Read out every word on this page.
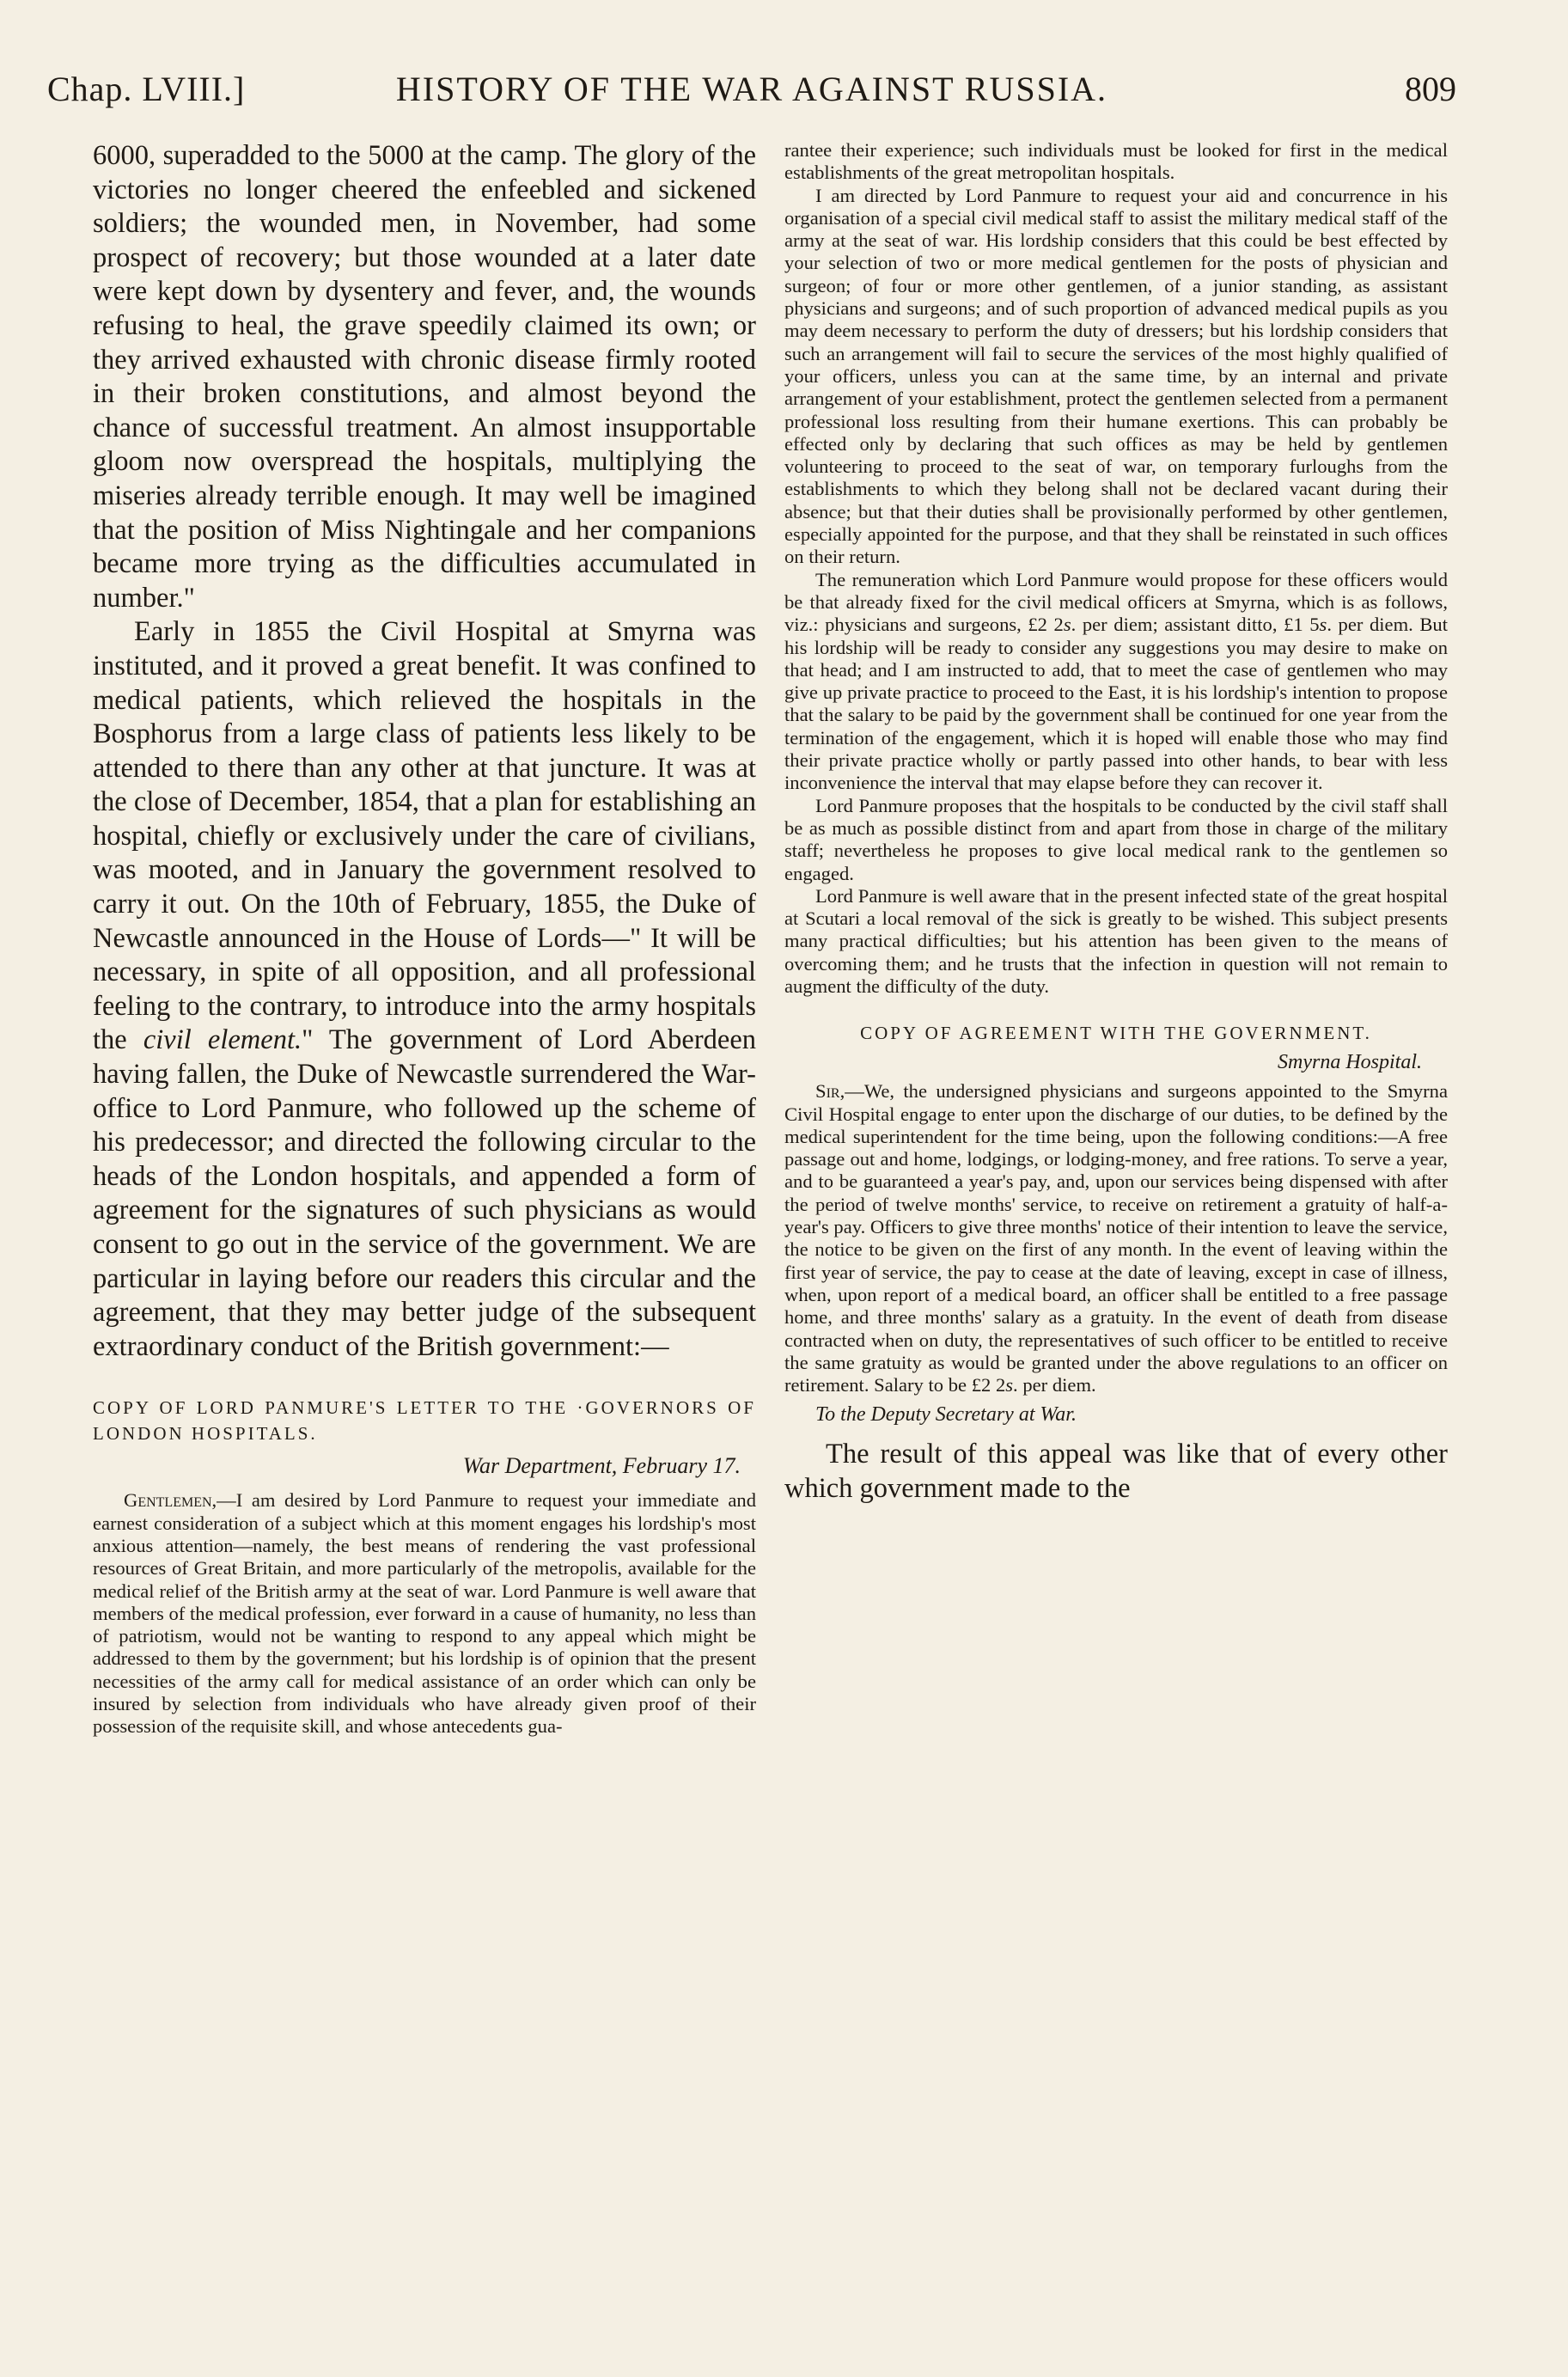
Chap. LVIII.]	HISTORY OF THE WAR AGAINST RUSSIA.	809

6000, superadded to the 5000 at the camp. The glory of the victories no longer cheered the enfeebled and sickened soldiers; the wounded men, in November, had some prospect of recovery; but those wounded at a later date were kept down by dysentery and fever, and, the wounds refusing to heal, the grave speedily claimed its own; or they arrived exhausted with chronic disease firmly rooted in their broken constitutions, and almost beyond the chance of successful treatment. An almost insupportable gloom now overspread the hospitals, multiplying the miseries already terrible enough. It may well be imagined that the position of Miss Nightingale and her companions became more trying as the difficulties accumulated in number."

Early in 1855 the Civil Hospital at Smyrna was instituted, and it proved a great benefit. It was confined to medical patients, which relieved the hospitals in the Bosphorus from a large class of patients less likely to be attended to there than any other at that juncture. It was at the close of December, 1854, that a plan for establishing an hospital, chiefly or exclusively under the care of civilians, was mooted, and in January the government resolved to carry it out. On the 10th of February, 1855, the Duke of Newcastle announced in the House of Lords—" It will be necessary, in spite of all opposition, and all professional feeling to the contrary, to introduce into the army hospitals the civil element." The government of Lord Aberdeen having fallen, the Duke of Newcastle surrendered the War-office to Lord Panmure, who followed up the scheme of his predecessor; and directed the following circular to the heads of the London hospitals, and appended a form of agreement for the signatures of such physicians as would consent to go out in the service of the government. We are particular in laying before our readers this circular and the agreement, that they may better judge of the subsequent extraordinary conduct of the British government:—

COPY OF LORD PANMURE'S LETTER TO THE ·GOVERNORS OF LONDON HOSPITALS.
War Department, February 17.

Gentlemen,—I am desired by Lord Panmure to request your immediate and earnest consideration of a subject which at this moment engages his lordship's most anxious attention—namely, the best means of rendering the vast professional resources of Great Britain, and more particularly of the metropolis, available for the medical relief of the British army at the seat of war. Lord Panmure is well aware that members of the medical profession, ever forward in a cause of humanity, no less than of patriotism, would not be wanting to respond to any appeal which might be addressed to them by the government; but his lordship is of opinion that the present necessities of the army call for medical assistance of an order which can only be insured by selection from individuals who have already given proof of their possession of the requisite skill, and whose antecedents gua-

rantee their experience; such individuals must be looked for first in the medical establishments of the great metropolitan hospitals.

I am directed by Lord Panmure to request your aid and concurrence in his organisation of a special civil medical staff to assist the military medical staff of the army at the seat of war. His lordship considers that this could be best effected by your selection of two or more medical gentlemen for the posts of physician and surgeon; of four or more other gentlemen, of a junior standing, as assistant physicians and surgeons; and of such proportion of advanced medical pupils as you may deem necessary to perform the duty of dressers; but his lordship considers that such an arrangement will fail to secure the services of the most highly qualified of your officers, unless you can at the same time, by an internal and private arrangement of your establishment, protect the gentlemen selected from a permanent professional loss resulting from their humane exertions. This can probably be effected only by declaring that such offices as may be held by gentlemen volunteering to proceed to the seat of war, on temporary furloughs from the establishments to which they belong shall not be declared vacant during their absence; but that their duties shall be provisionally performed by other gentlemen, especially appointed for the purpose, and that they shall be reinstated in such offices on their return.

The remuneration which Lord Panmure would propose for these officers would be that already fixed for the civil medical officers at Smyrna, which is as follows, viz.: physicians and surgeons, £2 2s. per diem; assistant ditto, £1 5s. per diem. But his lordship will be ready to consider any suggestions you may desire to make on that head; and I am instructed to add, that to meet the case of gentlemen who may give up private practice to proceed to the East, it is his lordship's intention to propose that the salary to be paid by the government shall be continued for one year from the termination of the engagement, which it is hoped will enable those who may find their private practice wholly or partly passed into other hands, to bear with less inconvenience the interval that may elapse before they can recover it.

Lord Panmure proposes that the hospitals to be conducted by the civil staff shall be as much as possible distinct from and apart from those in charge of the military staff; nevertheless he proposes to give local medical rank to the gentlemen so engaged.

Lord Panmure is well aware that in the present infected state of the great hospital at Scutari a local removal of the sick is greatly to be wished. This subject presents many practical difficulties; but his attention has been given to the means of overcoming them; and he trusts that the infection in question will not remain to augment the difficulty of the duty.

COPY OF AGREEMENT WITH THE GOVERNMENT.
Smyrna Hospital.

Sir,—We, the undersigned physicians and surgeons appointed to the Smyrna Civil Hospital engage to enter upon the discharge of our duties, to be defined by the medical superintendent for the time being, upon the following conditions:—A free passage out and home, lodgings, or lodging-money, and free rations. To serve a year, and to be guaranteed a year's pay, and, upon our services being dispensed with after the period of twelve months' service, to receive on retirement a gratuity of half-a-year's pay. Officers to give three months' notice of their intention to leave the service, the notice to be given on the first of any month. In the event of leaving within the first year of service, the pay to cease at the date of leaving, except in case of illness, when, upon report of a medical board, an officer shall be entitled to a free passage home, and three months' salary as a gratuity. In the event of death from disease contracted when on duty, the representatives of such officer to be entitled to receive the same gratuity as would be granted under the above regulations to an officer on retirement. Salary to be £2 2s. per diem.

To the Deputy Secretary at War.

The result of this appeal was like that of every other which government made to the
